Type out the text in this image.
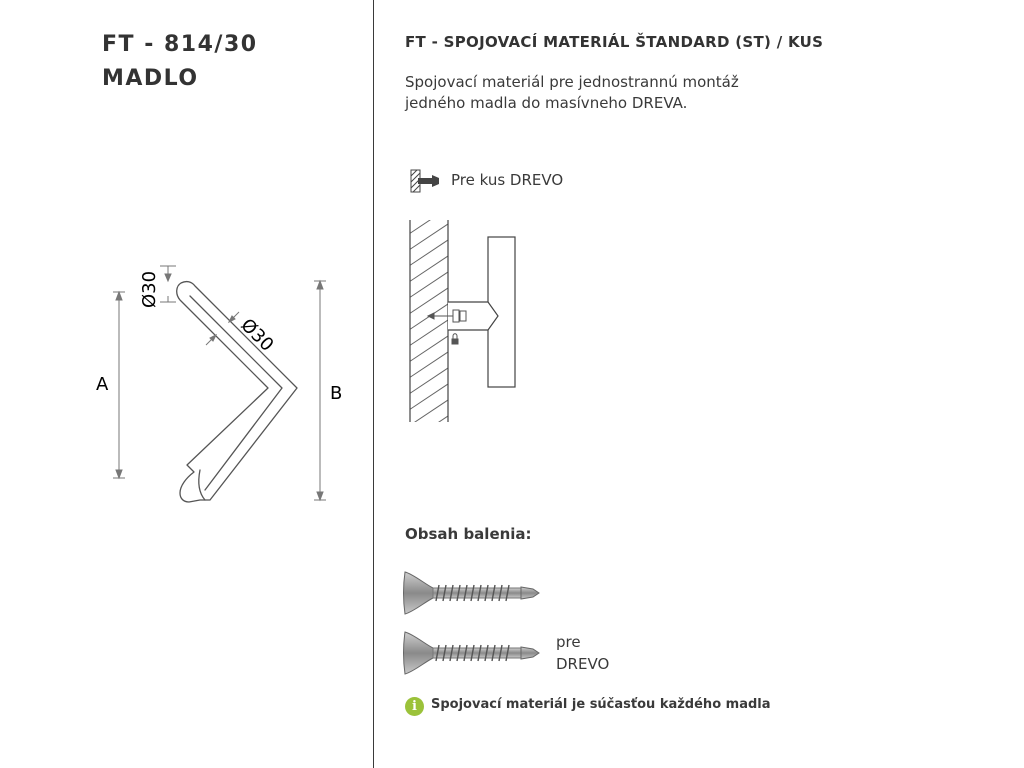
FT - 814/30
MADLO
A	B
Ø30
Ø30
FT - SPOJOVACÍ MATERIÁL ŠTANDARD (ST) / KUS
Spojovací materiál pre jednostrannú montáž
jedného madla do masívneho DREVA.
Pre kus DREVO
Obsah balenia:
pre
DREVO
i	Spojovací materiál je súčasťou každého madla
